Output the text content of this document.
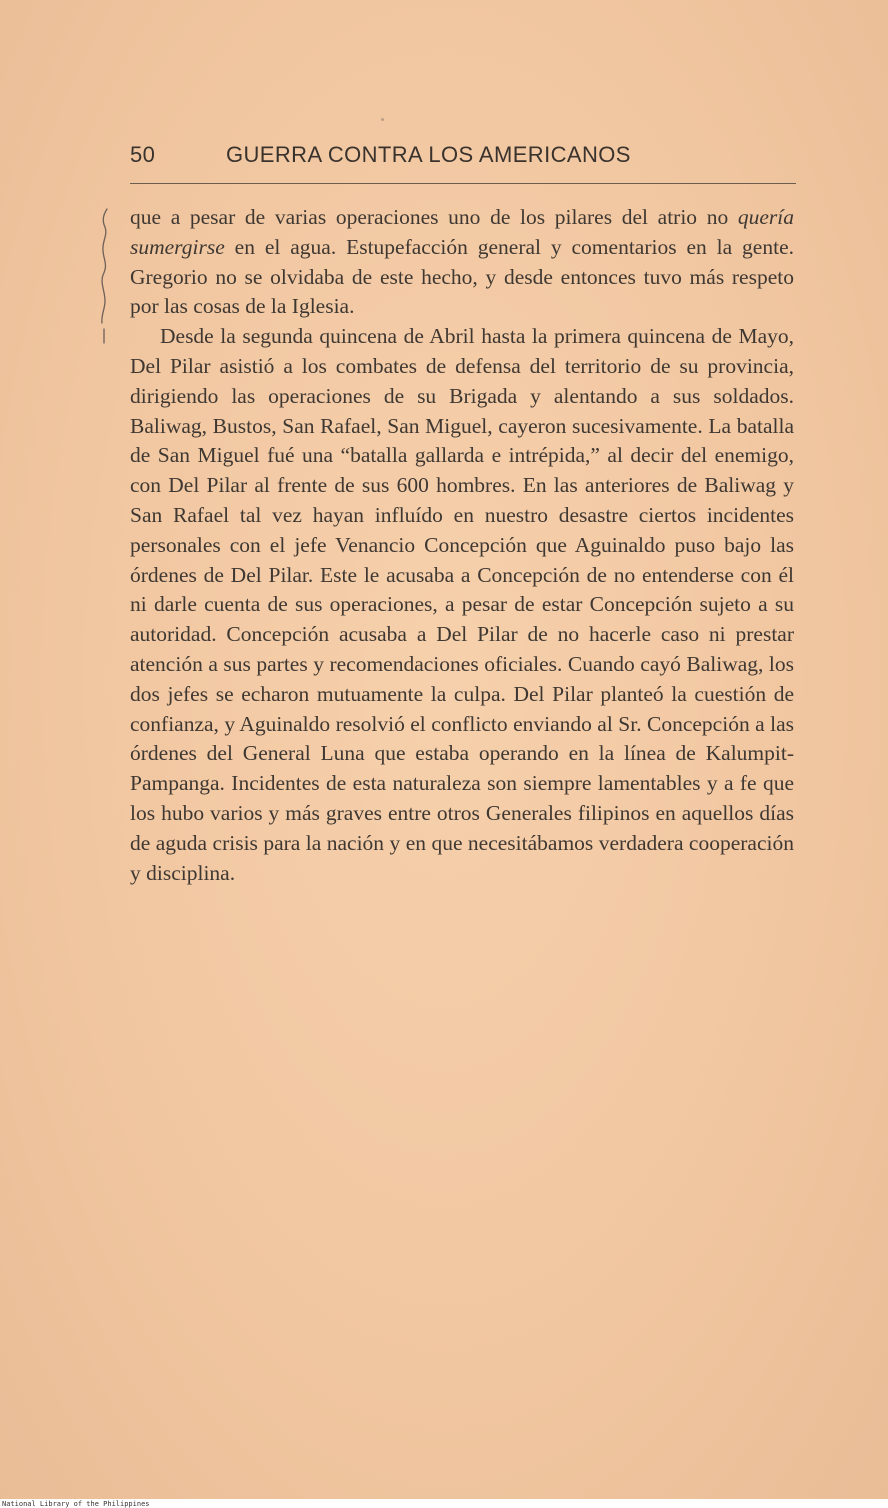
50	GUERRA CONTRA LOS AMERICANOS

que a pesar de varias operaciones uno de los pilares del atrio no quería sumergirse en el agua. Estupefacción general y comentarios en la gente. Gregorio no se olvidaba de este hecho, y desde entonces tuvo más respeto por las cosas de la Iglesia.

Desde la segunda quincena de Abril hasta la primera quincena de Mayo, Del Pilar asistió a los combates de defensa del territorio de su provincia, dirigiendo las operaciones de su Brigada y alentando a sus soldados. Baliwag, Bustos, San Rafael, San Miguel, cayeron sucesivamente. La batalla de San Miguel fué una “batalla gallarda e intrépida,” al decir del enemigo, con Del Pilar al frente de sus 600 hombres. En las anteriores de Baliwag y San Rafael tal vez hayan influído en nuestro desastre ciertos incidentes personales con el jefe Venancio Concepción que Aguinaldo puso bajo las órdenes de Del Pilar. Este le acusaba a Concepción de no entenderse con él ni darle cuenta de sus operaciones, a pesar de estar Concepción sujeto a su autoridad. Concepción acusaba a Del Pilar de no hacerle caso ni prestar atención a sus partes y recomendaciones oficiales. Cuando cayó Baliwag, los dos jefes se echaron mutuamente la culpa. Del Pilar planteó la cuestión de confianza, y Aguinaldo resolvió el conflicto enviando al Sr. Concepción a las órdenes del General Luna que estaba operando en la línea de Kalumpit-Pampanga. Incidentes de esta naturaleza son siempre lamentables y a fe que los hubo varios y más graves entre otros Generales filipinos en aquellos días de aguda crisis para la nación y en que necesitábamos verdadera cooperación y disciplina.

National Library of the Philippines
